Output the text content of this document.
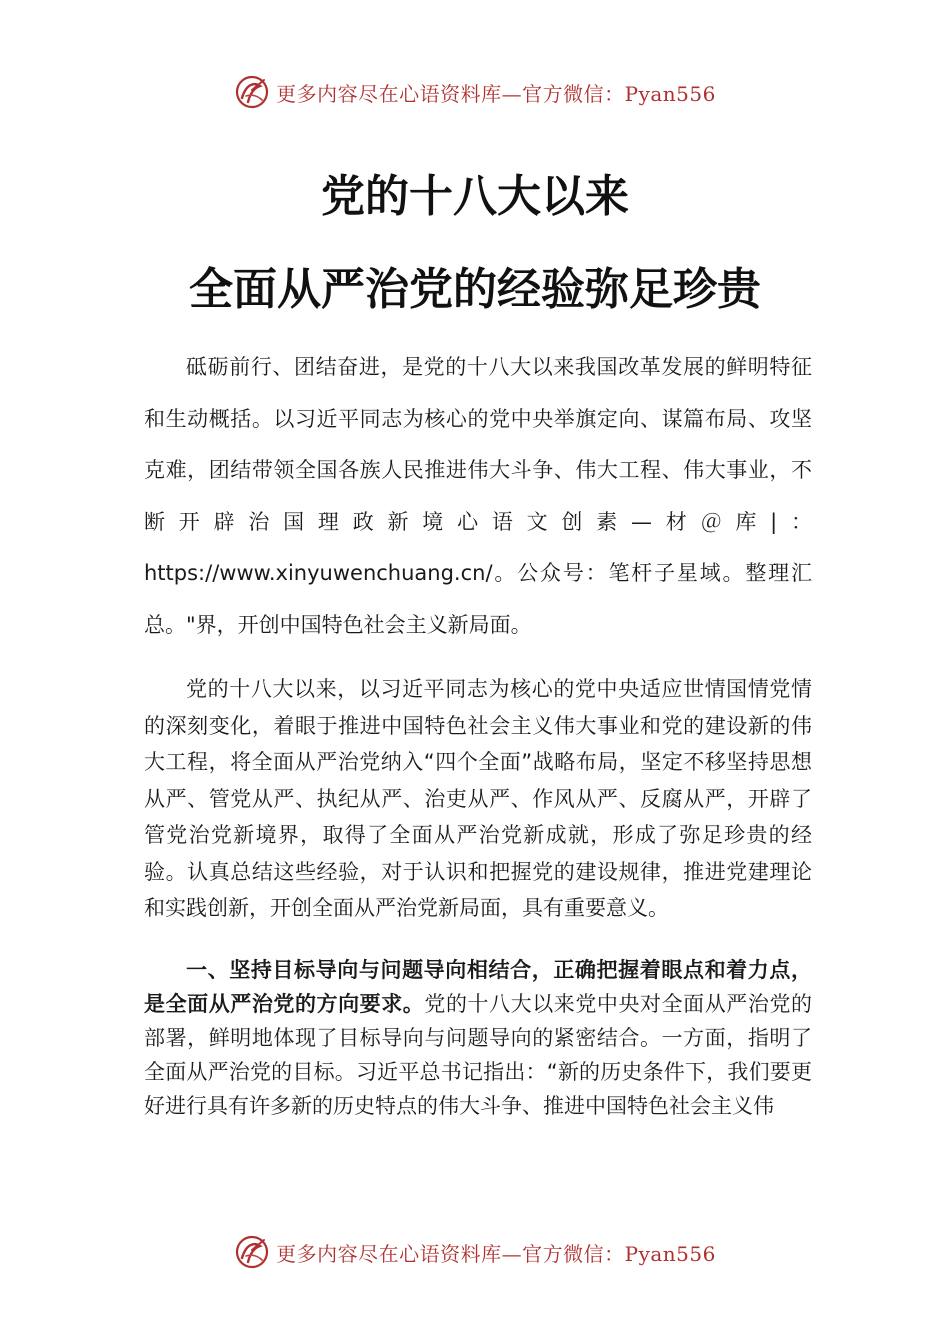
更多内容尽在心语资料库—官方微信：Pyan556
党的十八大以来
全面从严治党的经验弥足珍贵

砥砺前行、团结奋进，是党的十八大以来我国改革发展的鲜明特征和生动概括。以习近平同志为核心的党中央举旗定向、谋篇布局、攻坚克难，团结带领全国各族人民推进伟大斗争、伟大工程、伟大事业，不断开辟治国理政新境心语文创素—材＠库|：https://www.xinyuwenchuang.cn/。公众号：笔杆子星域。整理汇总。"界，开创中国特色社会主义新局面。

党的十八大以来，以习近平同志为核心的党中央适应世情国情党情的深刻变化，着眼于推进中国特色社会主义伟大事业和党的建设新的伟大工程，将全面从严治党纳入“四个全面”战略布局，坚定不移坚持思想从严、管党从严、执纪从严、治吏从严、作风从严、反腐从严，开辟了管党治党新境界，取得了全面从严治党新成就，形成了弥足珍贵的经验。认真总结这些经验，对于认识和把握党的建设规律，推进党建理论和实践创新，开创全面从严治党新局面，具有重要意义。

一、坚持目标导向与问题导向相结合，正确把握着眼点和着力点，是全面从严治党的方向要求。党的十八大以来党中央对全面从严治党的部署，鲜明地体现了目标导向与问题导向的紧密结合。一方面，指明了全面从严治党的目标。习近平总书记指出：“新的历史条件下，我们要更好进行具有许多新的历史特点的伟大斗争、推进中国特色社会主义伟

更多内容尽在心语资料库—官方微信：Pyan556
